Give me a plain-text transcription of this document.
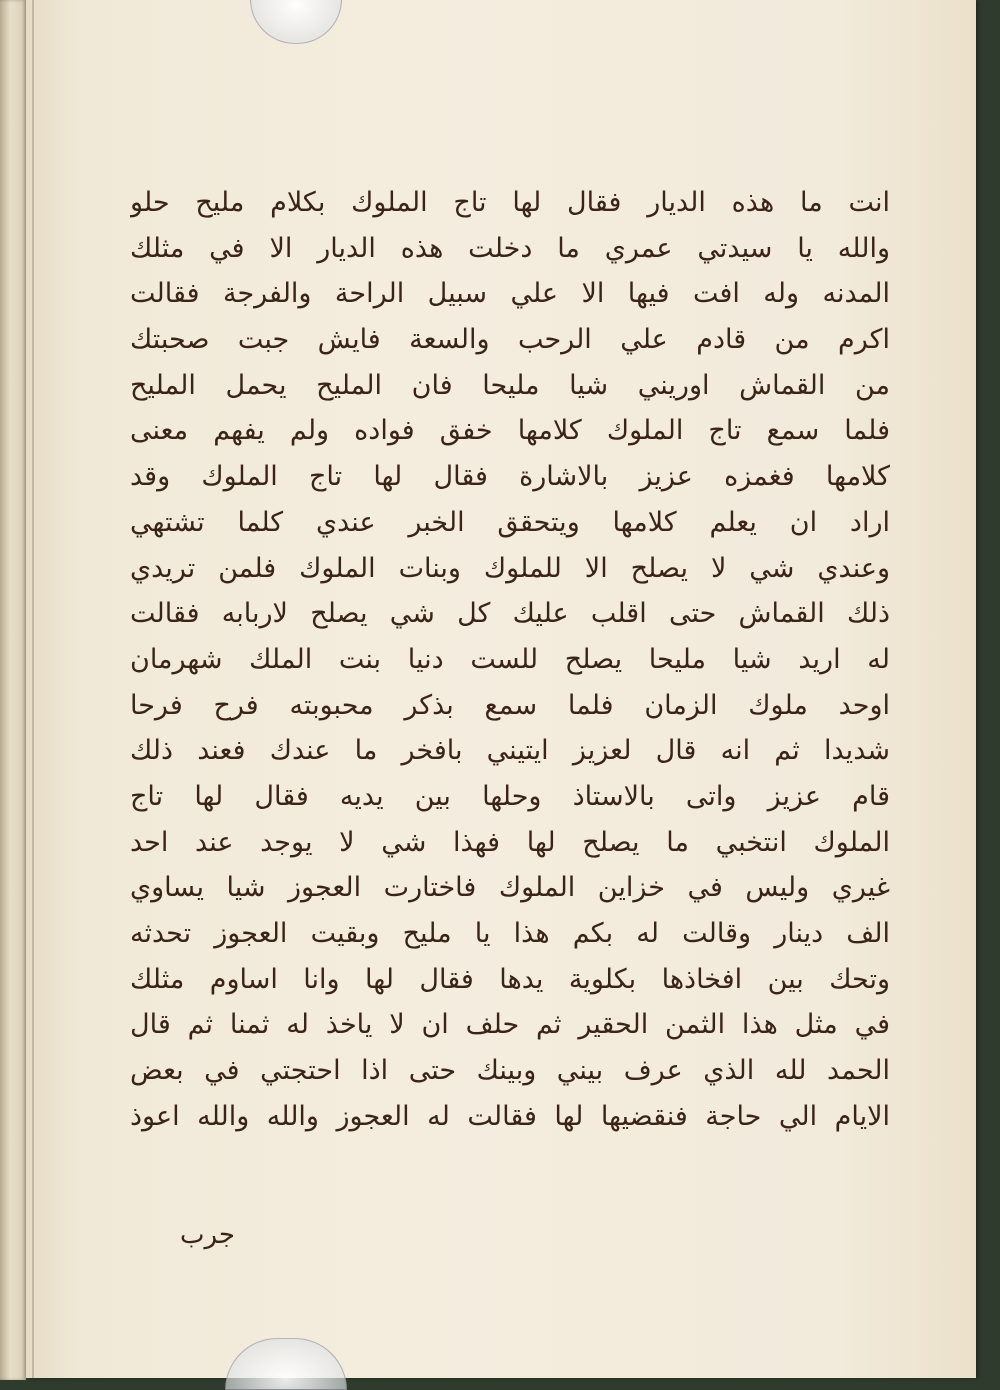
انت ما هذه الديار فقال لها تاج الملوك بكلام مليح حلو
والله يا سيدتي عمري ما دخلت هذه الديار الا في مثلك
المدنه وله افت فيها الا علي سبيل الراحة والفرجة فقالت
اكرم من قادم علي الرحب والسعة فايش جبت صحبتك
من القماش اوريني شيا مليحا فان المليح يحمل المليح
فلما سمع تاج الملوك كلامها خفق فواده ولم يفهم معنى
كلامها فغمزه عزيز بالاشارة فقال لها تاج الملوك وقد
اراد ان يعلم كلامها ويتحقق الخبر عندي كلما تشتهي
وعندي شي لا يصلح الا للملوك وبنات الملوك فلمن تريدي
ذلك القماش حتى اقلب عليك كل شي يصلح لاربابه فقالت
له اريد شيا مليحا يصلح للست دنيا بنت الملك شهرمان
اوحد ملوك الزمان فلما سمع بذكر محبوبته فرح فرحا
شديدا ثم انه قال لعزيز ايتيني بافخر ما عندك فعند ذلك
قام عزيز واتى بالاستاذ وحلها بين يديه فقال لها تاج
الملوك انتخبي ما يصلح لها فهذا شي لا يوجد عند احد
غيري وليس في خزاين الملوك فاختارت العجوز شيا يساوي
الف دينار وقالت له بكم هذا يا مليح وبقيت العجوز تحدثه
وتحك بين افخاذها بكلوية يدها فقال لها وانا اساوم مثلك
في مثل هذا الثمن الحقير ثم حلف ان لا ياخذ له ثمنا ثم قال
الحمد لله الذي عرف بيني وبينك حتى اذا احتجتي في بعض
الايام الي حاجة فنقضيها لها فقالت له العجوز والله والله اعوذ
جرب
